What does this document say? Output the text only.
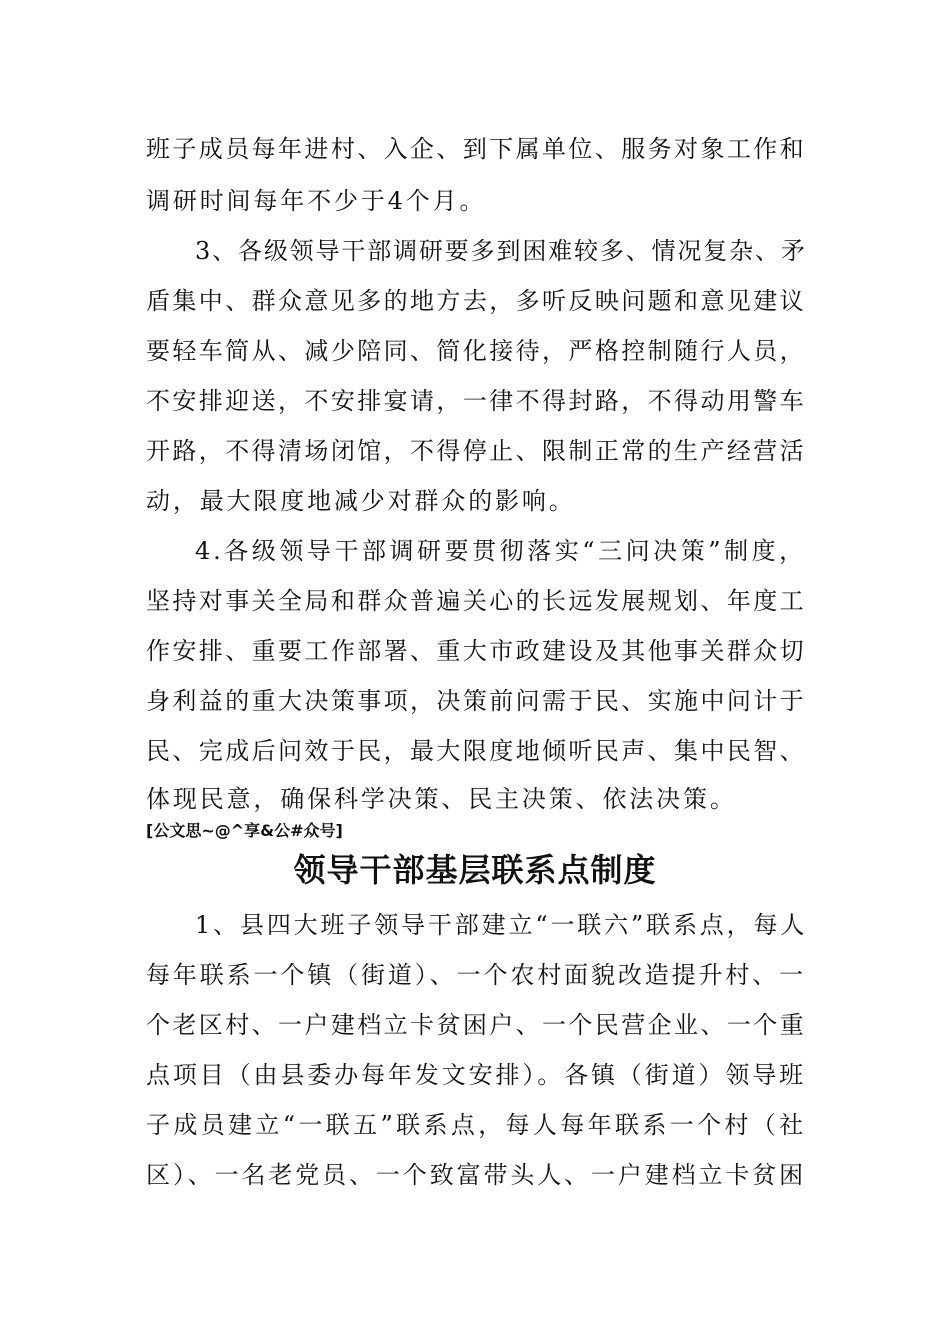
班子成员每年进村、入企、到下属单位、服务对象工作和
调研时间每年不少于4个月。
3、各级领导干部调研要多到困难较多、情况复杂、矛
盾集中、群众意见多的地方去，多听反映问题和意见建议
要轻车简从、减少陪同、简化接待，严格控制随行人员，
不安排迎送，不安排宴请，一律不得封路，不得动用警车
开路，不得清场闭馆，不得停止、限制正常的生产经营活
动，最大限度地减少对群众的影响。
4.各级领导干部调研要贯彻落实“三问决策”制度，
坚持对事关全局和群众普遍关心的长远发展规划、年度工
作安排、重要工作部署、重大市政建设及其他事关群众切
身利益的重大决策事项，决策前问需于民、实施中问计于
民、完成后问效于民，最大限度地倾听民声、集中民智、
体现民意，确保科学决策、民主决策、依法决策。
[公文思~@^享&公#众号]
领导干部基层联系点制度
1、县四大班子领导干部建立“一联六”联系点，每人
每年联系一个镇（街道）、一个农村面貌改造提升村、一
个老区村、一户建档立卡贫困户、一个民营企业、一个重
点项目（由县委办每年发文安排）。各镇（街道）领导班
子成员建立“一联五”联系点，每人每年联系一个村（社
区）、一名老党员、一个致富带头人、一户建档立卡贫困
